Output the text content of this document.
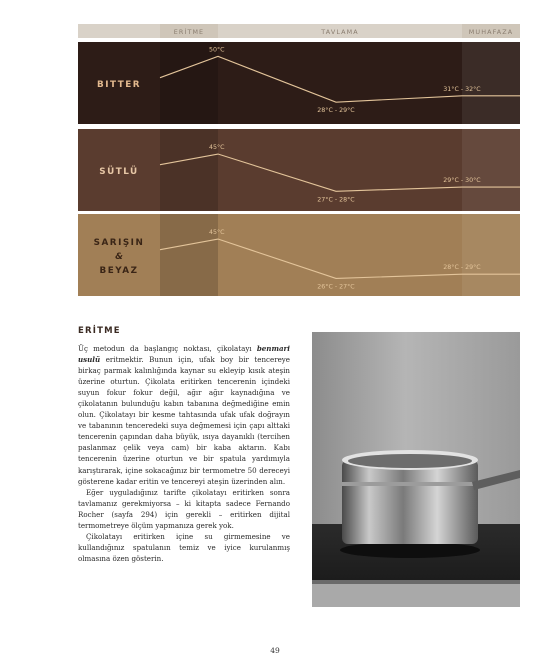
ERİTME	TAVLAMA	MUHAFAZA
BITTER
50°C
28°C - 29°C
31°C - 32°C
SÜTLÜ
45°C
27°C - 28°C
29°C - 30°C
SARIŞIN
&
BEYAZ
45°C
26°C - 27°C
28°C - 29°C
ERİTME

Üç metodun da başlangıç noktası, çikolatayı benmari usulü eritmektir. Bunun için, ufak boy bir tencereye birkaç parmak kalınlığında kaynar su ekleyip kısık ateşin üzerine oturtun. Çikolata eritirken tencerenin içindeki suyun fokur fokur değil, ağır ağır kaynadığına ve çikolatanın bulunduğu kabın tabanına değmediğine emin olun. Çikolatayı bir kesme tahtasında ufak ufak doğrayın ve tabanının tenceredeki suya değmemesi için çapı alttaki tencerenin çapından daha büyük, ısıya dayanıklı (tercihen paslanmaz çelik veya cam) bir kaba aktarın. Kabı tencerenin üzerine oturtun ve bir spatula yardımıyla karıştırarak, içine sokacağınız bir termometre 50 dereceyi gösterene kadar eritin ve tencereyi ateşin üzerinden alın.

Eğer uyguladığınız tarifte çikolatayı eritirken sonra tavlamanız gerekmiyorsa – ki kitapta sadece Fernando Rocher (sayfa 294) için gerekli – eritirken dijital termometreye ölçüm yapmanıza gerek yok.

Çikolatayı eritirken içine su girmemesine ve kullandığınız spatulanın temiz ve iyice kurulanmış olmasına özen gösterin.

49
